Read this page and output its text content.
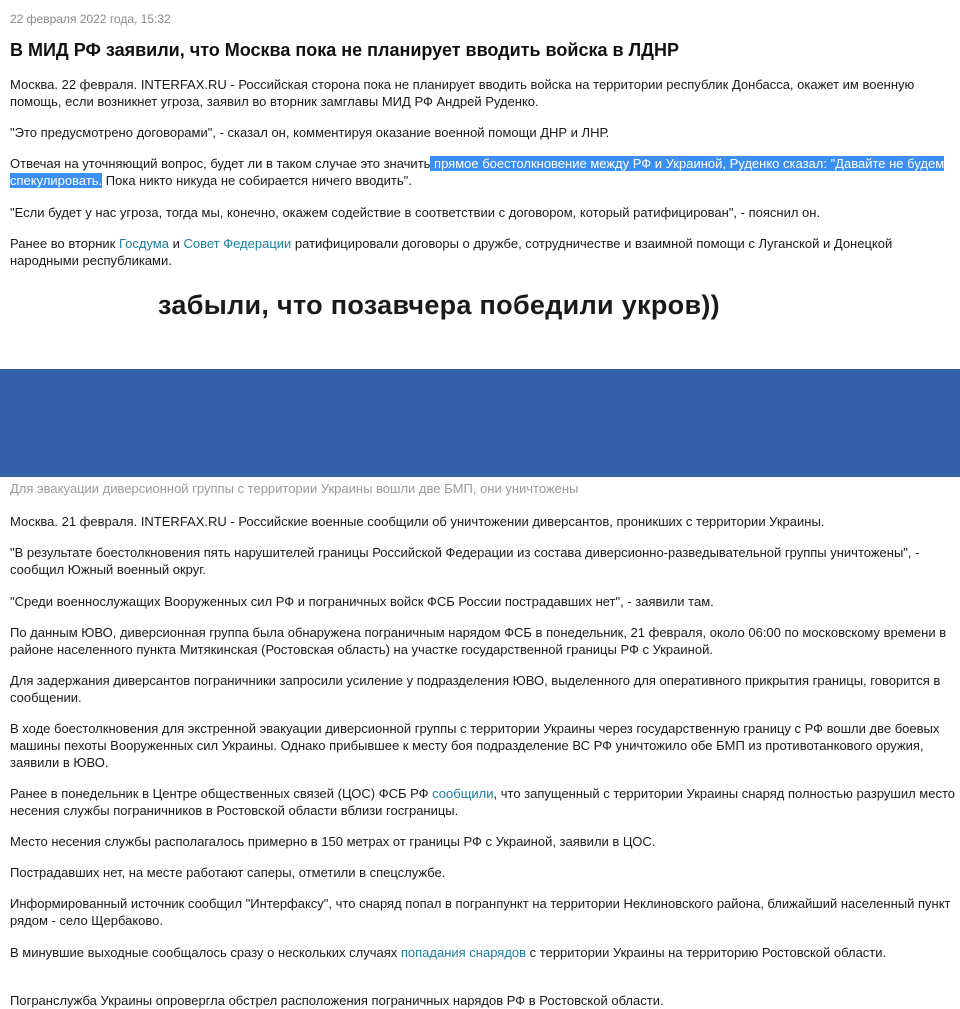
22 февраля 2022 года, 15:32
В МИД РФ заявили, что Москва пока не планирует вводить войска в ЛДНР

Москва. 22 февраля. INTERFAX.RU - Российская сторона пока не планирует вводить войска на территории республик Донбасса, окажет им военную помощь, если возникнет угроза, заявил во вторник замглавы МИД РФ Андрей Руденко.

"Это предусмотрено договорами", - сказал он, комментируя оказание военной помощи ДНР и ЛНР.

Отвечая на уточняющий вопрос, будет ли в таком случае это значить прямое боестолкновение между РФ и Украиной, Руденко сказал: "Давайте не будем спекулировать. Пока никто никуда не собирается ничего вводить".

"Если будет у нас угроза, тогда мы, конечно, окажем содействие в соответствии с договором, который ратифицирован", - пояснил он.

Ранее во вторник Госдума и Совет Федерации ратифицировали договоры о дружбе, сотрудничестве и взаимной помощи с Луганской и Донецкой народными республиками.

забыли, что позавчера победили укров))
Для эвакуации диверсионной группы с территории Украины вошли две БМП, они уничтожены

Москва. 21 февраля. INTERFAX.RU - Российские военные сообщили об уничтожении диверсантов, проникших с территории Украины.

"В результате боестолкновения пять нарушителей границы Российской Федерации из состава диверсионно-разведывательной группы уничтожены", - сообщил Южный военный округ.

"Среди военнослужащих Вооруженных сил РФ и пограничных войск ФСБ России пострадавших нет", - заявили там.

По данным ЮВО, диверсионная группа была обнаружена пограничным нарядом ФСБ в понедельник, 21 февраля, около 06:00 по московскому времени в районе населенного пункта Митякинская (Ростовская область) на участке государственной границы РФ с Украиной.

Для задержания диверсантов пограничники запросили усиление у подразделения ЮВО, выделенного для оперативного прикрытия границы, говорится в сообщении.

В ходе боестолкновения для экстренной эвакуации диверсионной группы с территории Украины через государственную границу с РФ вошли две боевых машины пехоты Вооруженных сил Украины. Однако прибывшее к месту боя подразделение ВС РФ уничтожило обе БМП из противотанкового оружия, заявили в ЮВО.

Ранее в понедельник в Центре общественных связей (ЦОС) ФСБ РФ сообщили, что запущенный с территории Украины снаряд полностью разрушил место несения службы пограничников в Ростовской области вблизи госграницы.

Место несения службы располагалось примерно в 150 метрах от границы РФ с Украиной, заявили в ЦОС.

Пострадавших нет, на месте работают саперы, отметили в спецслужбе.

Информированный источник сообщил "Интерфаксу", что снаряд попал в погранпункт на территории Неклиновского района, ближайший населенный пункт рядом - село Щербаково.

В минувшие выходные сообщалось сразу о нескольких случаях попадания снарядов с территории Украины на территорию Ростовской области.

Погранслужба Украины опровергла обстрел расположения пограничных нарядов РФ в Ростовской области.
